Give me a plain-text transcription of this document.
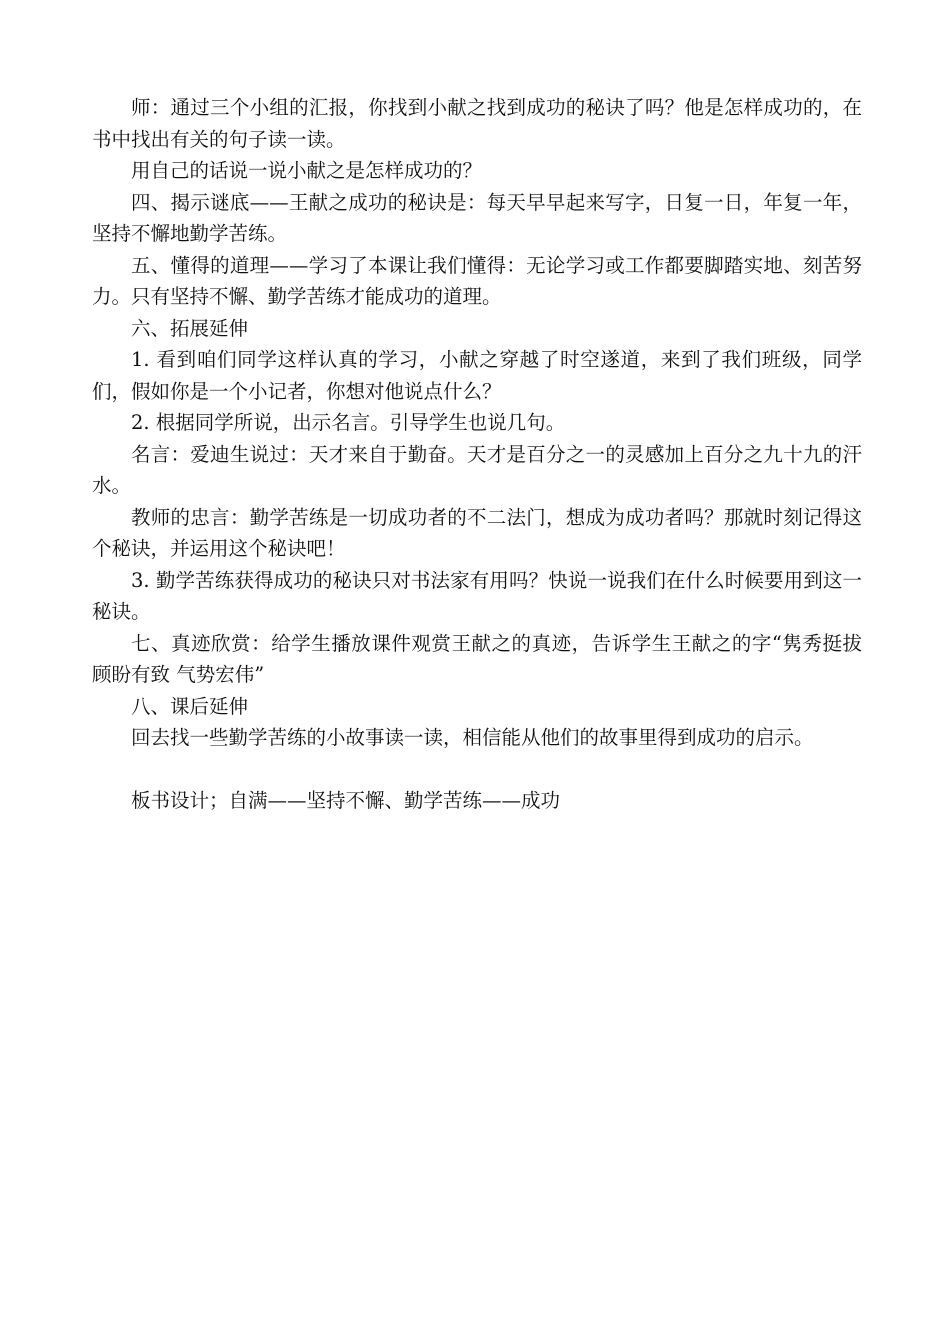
师：通过三个小组的汇报，你找到小献之找到成功的秘诀了吗？他是怎样成功的，在书中找出有关的句子读一读。

用自己的话说一说小献之是怎样成功的？

四、揭示谜底——王献之成功的秘诀是：每天早早起来写字，日复一日，年复一年，坚持不懈地勤学苦练。

五、懂得的道理——学习了本课让我们懂得：无论学习或工作都要脚踏实地、刻苦努力。只有坚持不懈、勤学苦练才能成功的道理。

六、拓展延伸

1. 看到咱们同学这样认真的学习，小献之穿越了时空遂道，来到了我们班级，同学们，假如你是一个小记者，你想对他说点什么？

2. 根据同学所说，出示名言。引导学生也说几句。

名言：爱迪生说过：天才来自于勤奋。天才是百分之一的灵感加上百分之九十九的汗水。

教师的忠言：勤学苦练是一切成功者的不二法门，想成为成功者吗？那就时刻记得这个秘诀，并运用这个秘诀吧！

3. 勤学苦练获得成功的秘诀只对书法家有用吗？快说一说我们在什么时候要用到这一秘诀。

七、真迹欣赏：给学生播放课件观赏王献之的真迹，告诉学生王献之的字“隽秀挺拔 顾盼有致 气势宏伟”

八、课后延伸

回去找一些勤学苦练的小故事读一读，相信能从他们的故事里得到成功的启示。

板书设计；自满——坚持不懈、勤学苦练——成功
